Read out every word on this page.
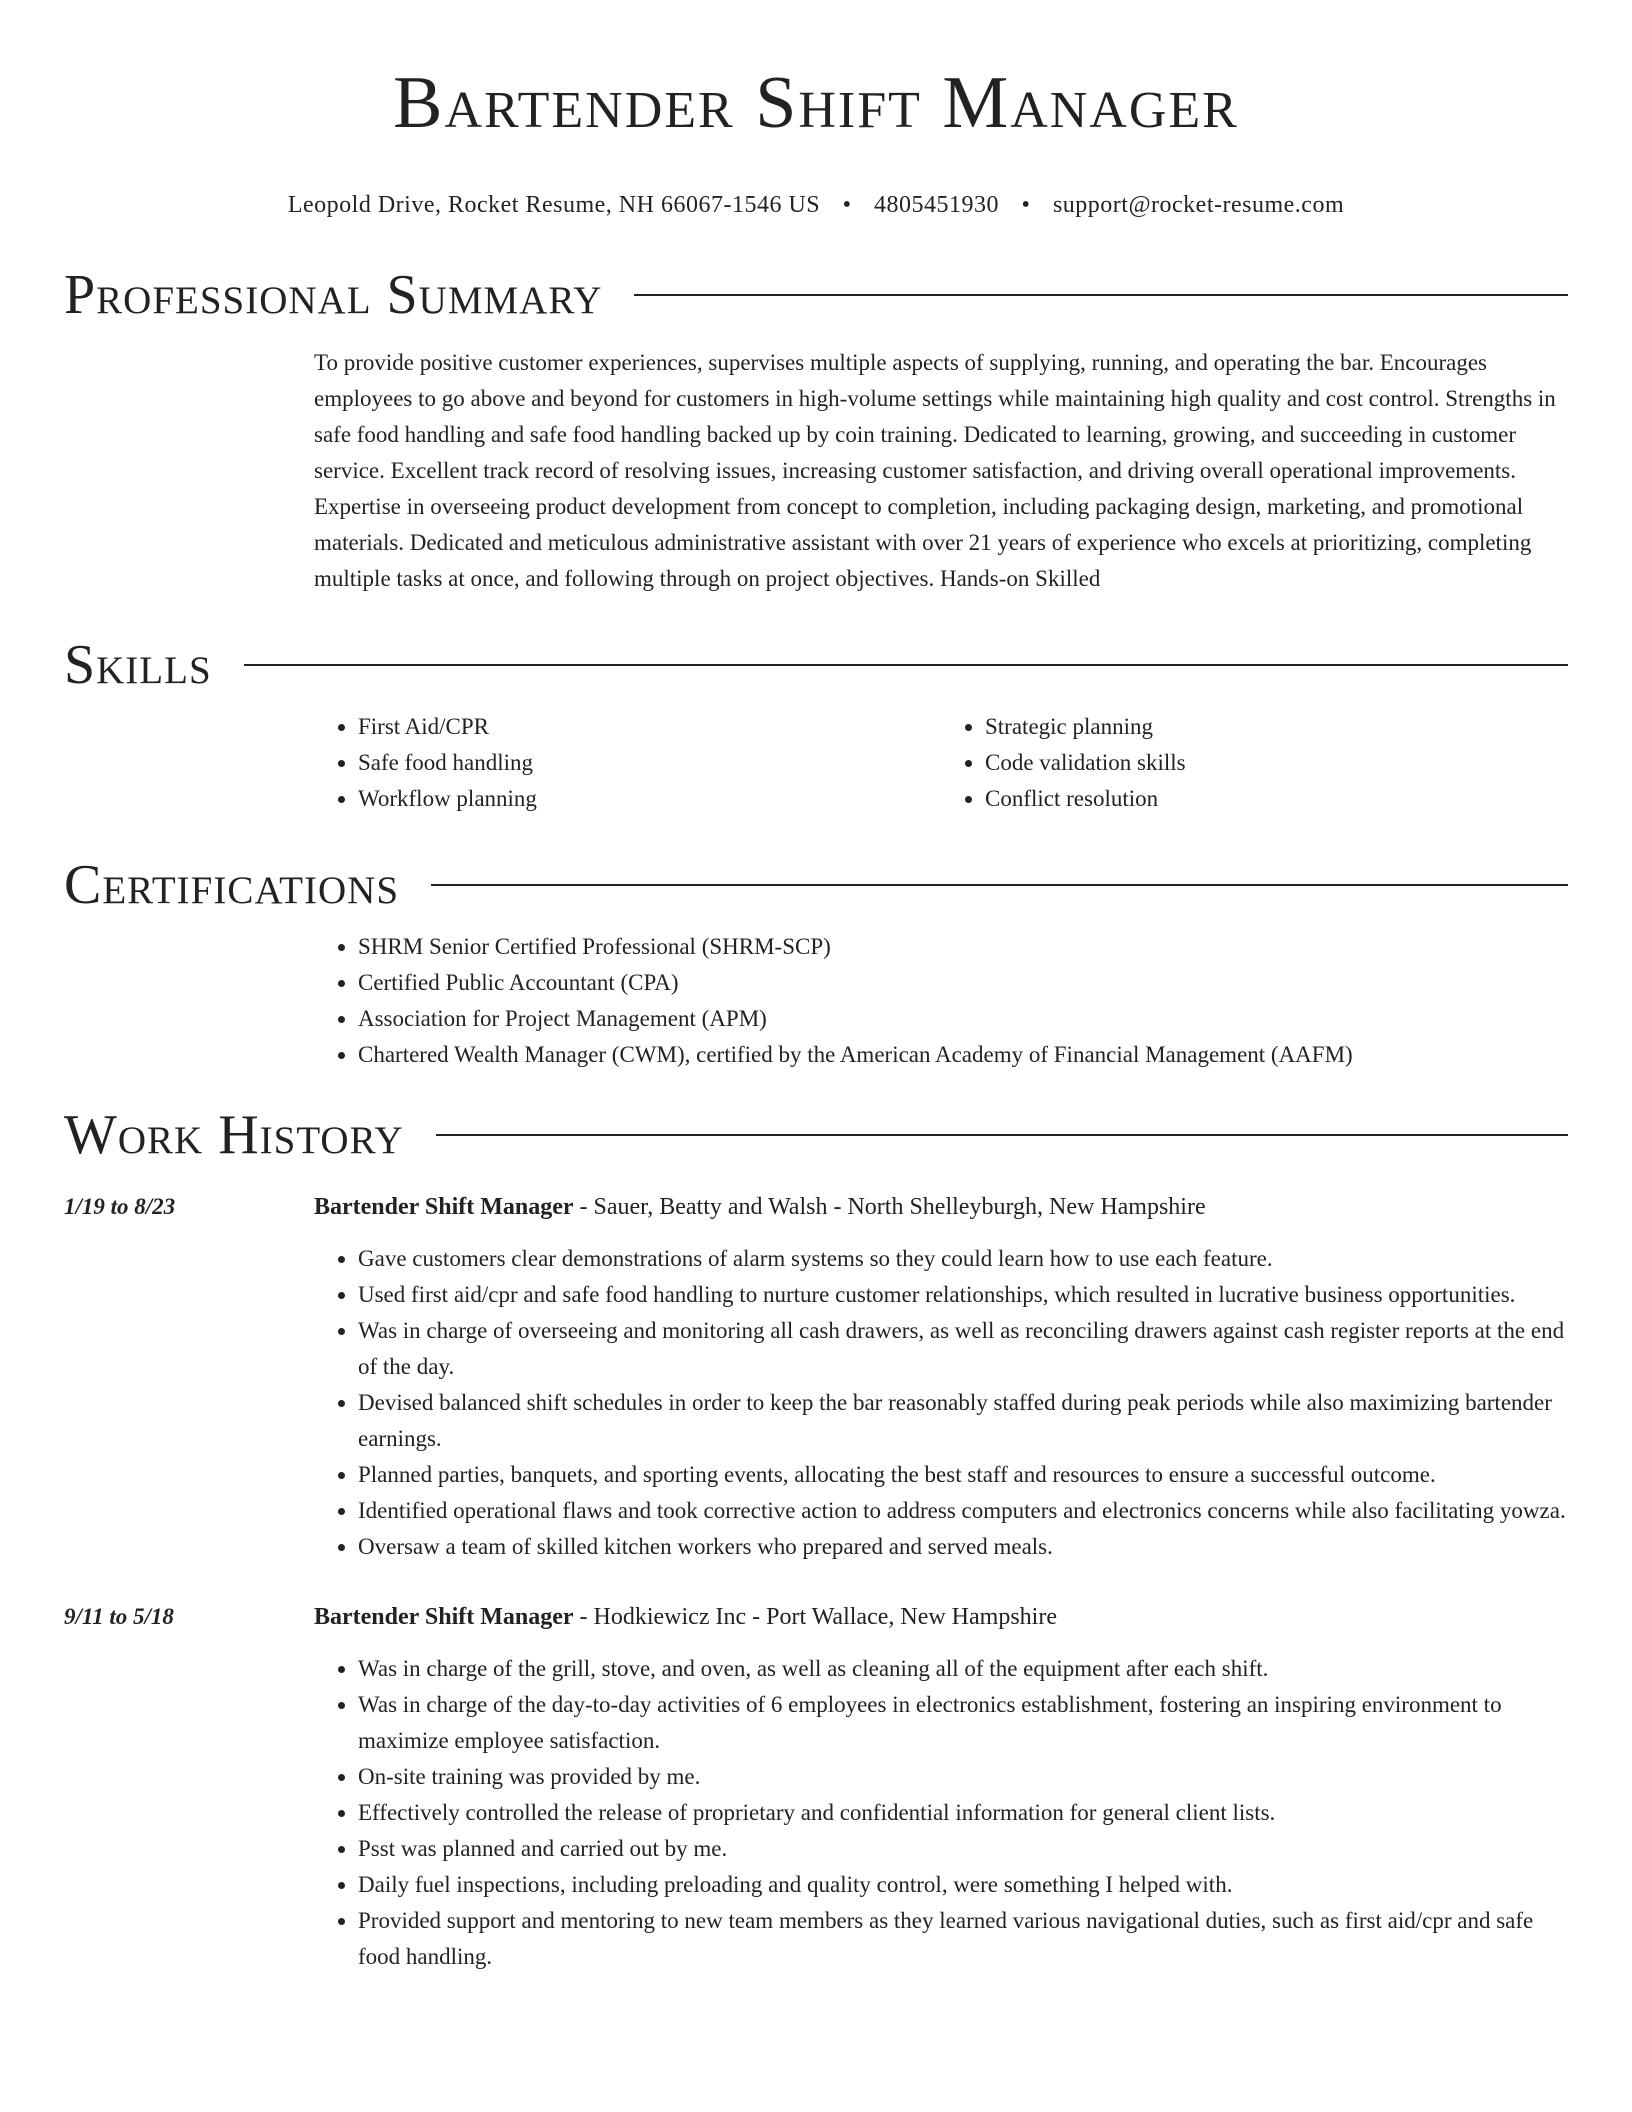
Bartender Shift Manager
Leopold Drive, Rocket Resume, NH 66067-1546 US • 4805451930 • support@rocket-resume.com
Professional Summary
To provide positive customer experiences, supervises multiple aspects of supplying, running, and operating the bar. Encourages employees to go above and beyond for customers in high-volume settings while maintaining high quality and cost control. Strengths in safe food handling and safe food handling backed up by coin training. Dedicated to learning, growing, and succeeding in customer service. Excellent track record of resolving issues, increasing customer satisfaction, and driving overall operational improvements. Expertise in overseeing product development from concept to completion, including packaging design, marketing, and promotional materials. Dedicated and meticulous administrative assistant with over 21 years of experience who excels at prioritizing, completing multiple tasks at once, and following through on project objectives. Hands-on Skilled
Skills
• First Aid/CPR
• Safe food handling
• Workflow planning
• Strategic planning
• Code validation skills
• Conflict resolution
Certifications
• SHRM Senior Certified Professional (SHRM-SCP)
• Certified Public Accountant (CPA)
• Association for Project Management (APM)
• Chartered Wealth Manager (CWM), certified by the American Academy of Financial Management (AAFM)
Work History
1/19 to 8/23	Bartender Shift Manager - Sauer, Beatty and Walsh - North Shelleyburgh, New Hampshire
• Gave customers clear demonstrations of alarm systems so they could learn how to use each feature.
• Used first aid/cpr and safe food handling to nurture customer relationships, which resulted in lucrative business opportunities.
• Was in charge of overseeing and monitoring all cash drawers, as well as reconciling drawers against cash register reports at the end of the day.
• Devised balanced shift schedules in order to keep the bar reasonably staffed during peak periods while also maximizing bartender earnings.
• Planned parties, banquets, and sporting events, allocating the best staff and resources to ensure a successful outcome.
• Identified operational flaws and took corrective action to address computers and electronics concerns while also facilitating yowza.
• Oversaw a team of skilled kitchen workers who prepared and served meals.
9/11 to 5/18	Bartender Shift Manager - Hodkiewicz Inc - Port Wallace, New Hampshire
• Was in charge of the grill, stove, and oven, as well as cleaning all of the equipment after each shift.
• Was in charge of the day-to-day activities of 6 employees in electronics establishment, fostering an inspiring environment to maximize employee satisfaction.
• On-site training was provided by me.
• Effectively controlled the release of proprietary and confidential information for general client lists.
• Psst was planned and carried out by me.
• Daily fuel inspections, including preloading and quality control, were something I helped with.
• Provided support and mentoring to new team members as they learned various navigational duties, such as first aid/cpr and safe food handling.
